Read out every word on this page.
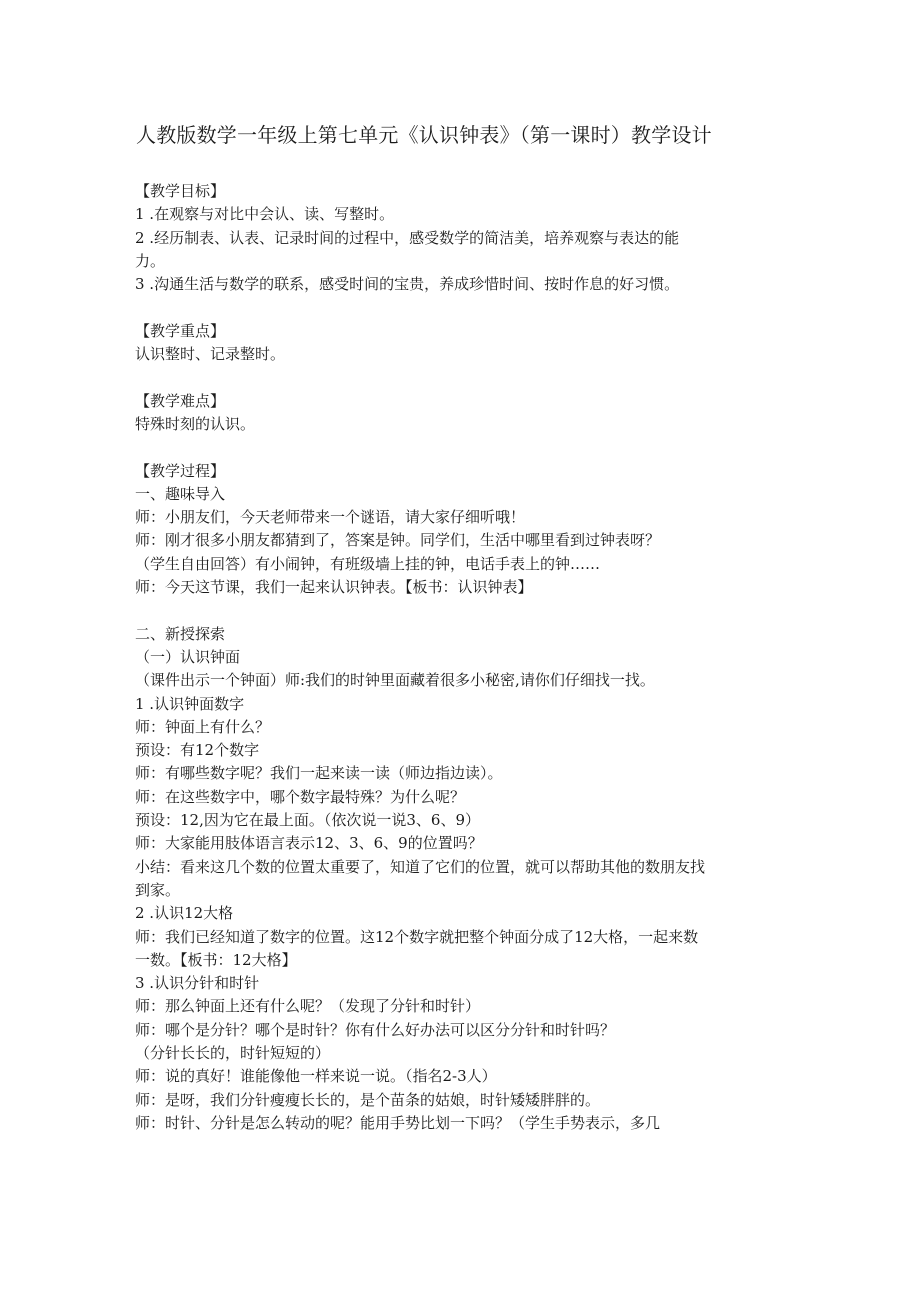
人教版数学一年级上第七单元《认识钟表》（第一课时）教学设计
【教学目标】
1 .在观察与对比中会认、读、写整时。
2 .经历制表、认表、记录时间的过程中，感受数学的简洁美，培养观察与表达的能
力。
3 .沟通生活与数学的联系，感受时间的宝贵，养成珍惜时间、按时作息的好习惯。
【教学重点】
认识整时、记录整时。
【教学难点】
特殊时刻的认识。
【教学过程】
一、趣味导入
师：小朋友们，今天老师带来一个谜语，请大家仔细听哦！
师：刚才很多小朋友都猜到了，答案是钟。同学们，生活中哪里看到过钟表呀？
（学生自由回答）有小闹钟，有班级墙上挂的钟，电话手表上的钟……
师：今天这节课，我们一起来认识钟表。【板书：认识钟表】
二、新授探索
（一）认识钟面
（课件出示一个钟面）师:我们的时钟里面藏着很多小秘密,请你们仔细找一找。
1 .认识钟面数字
师：钟面上有什么？
预设：有12个数字
师：有哪些数字呢？我们一起来读一读（师边指边读）。
师：在这些数字中，哪个数字最特殊？为什么呢？
预设：12,因为它在最上面。（依次说一说3、6、9）
师：大家能用肢体语言表示12、3、6、9的位置吗？
小结：看来这几个数的位置太重要了，知道了它们的位置，就可以帮助其他的数朋友找
到家。
2 .认识12大格
师：我们已经知道了数字的位置。这12个数字就把整个钟面分成了12大格，一起来数
一数。【板书：12大格】
3 .认识分针和时针
师：那么钟面上还有什么呢？（发现了分针和时针）
师：哪个是分针？哪个是时针？你有什么好办法可以区分分针和时针吗？
（分针长长的，时针短短的）
师：说的真好！谁能像他一样来说一说。（指名2-3人）
师：是呀，我们分针瘦瘦长长的，是个苗条的姑娘，时针矮矮胖胖的。
师：时针、分针是怎么转动的呢？能用手势比划一下吗？（学生手势表示，多几
